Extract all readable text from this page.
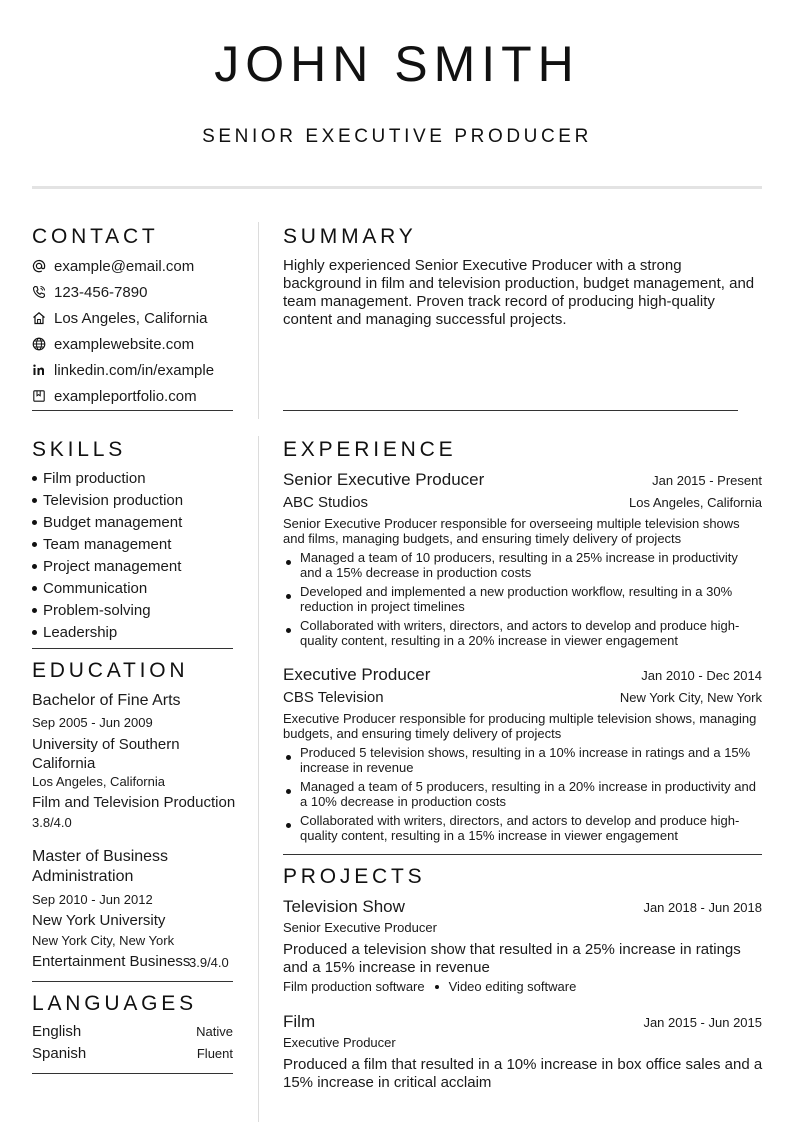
JOHN SMITH
SENIOR EXECUTIVE PRODUCER
CONTACT
example@email.com
123-456-7890
Los Angeles, California
examplewebsite.com
linkedin.com/in/example
exampleportfolio.com
SKILLS
Film production
Television production
Budget management
Team management
Project management
Communication
Problem-solving
Leadership
EDUCATION
Bachelor of Fine Arts
Sep 2005 - Jun 2009
University of Southern California
Los Angeles, California
Film and Television Production
3.8/4.0
Master of Business Administration
Sep 2010 - Jun 2012
New York University
New York City, New York
Entertainment Business
3.9/4.0
LANGUAGES
English	Native
Spanish	Fluent
SUMMARY
Highly experienced Senior Executive Producer with a strong background in film and television production, budget management, and team management. Proven track record of producing high-quality content and managing successful projects.
EXPERIENCE
Senior Executive Producer	Jan 2015 - Present
ABC Studios	Los Angeles, California
Senior Executive Producer responsible for overseeing multiple television shows and films, managing budgets, and ensuring timely delivery of projects
Managed a team of 10 producers, resulting in a 25% increase in productivity and a 15% decrease in production costs
Developed and implemented a new production workflow, resulting in a 30% reduction in project timelines
Collaborated with writers, directors, and actors to develop and produce high-quality content, resulting in a 20% increase in viewer engagement
Executive Producer	Jan 2010 - Dec 2014
CBS Television	New York City, New York
Executive Producer responsible for producing multiple television shows, managing budgets, and ensuring timely delivery of projects
Produced 5 television shows, resulting in a 10% increase in ratings and a 15% increase in revenue
Managed a team of 5 producers, resulting in a 20% increase in productivity and a 10% decrease in production costs
Collaborated with writers, directors, and actors to develop and produce high-quality content, resulting in a 15% increase in viewer engagement
PROJECTS
Television Show	Jan 2018 - Jun 2018
Senior Executive Producer
Produced a television show that resulted in a 25% increase in ratings and a 15% increase in revenue
Film production software Video editing software
Film	Jan 2015 - Jun 2015
Executive Producer
Produced a film that resulted in a 10% increase in box office sales and a 15% increase in critical acclaim
